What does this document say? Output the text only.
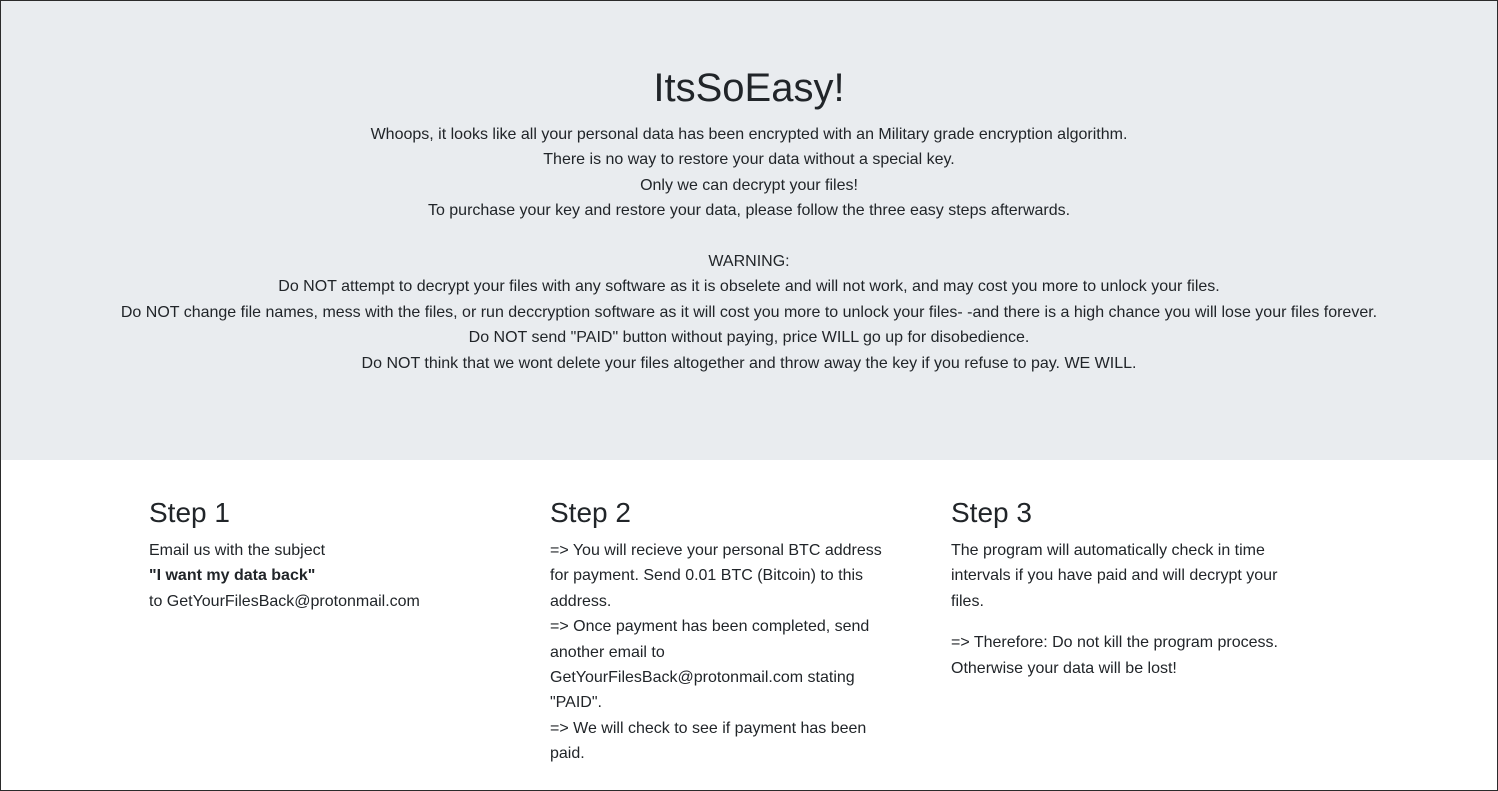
ItsSoEasy!
Whoops, it looks like all your personal data has been encrypted with an Military grade encryption algorithm.
There is no way to restore your data without a special key.
Only we can decrypt your files!
To purchase your key and restore your data, please follow the three easy steps afterwards.
WARNING:
Do NOT attempt to decrypt your files with any software as it is obselete and will not work, and may cost you more to unlock your files.
Do NOT change file names, mess with the files, or run deccryption software as it will cost you more to unlock your files- -and there is a high chance you will lose your files forever.
Do NOT send "PAID" button without paying, price WILL go up for disobedience.
Do NOT think that we wont delete your files altogether and throw away the key if you refuse to pay. WE WILL.
Step 1
Email us with the subject
"I want my data back"
to GetYourFilesBack@protonmail.com
Step 2
=> You will recieve your personal BTC address
for payment. Send 0.01 BTC (Bitcoin) to this
address.
=> Once payment has been completed, send
another email to
GetYourFilesBack@protonmail.com stating
"PAID".
=> We will check to see if payment has been
paid.
Step 3
The program will automatically check in time
intervals if you have paid and will decrypt your
files.
=> Therefore: Do not kill the program process.
Otherwise your data will be lost!
